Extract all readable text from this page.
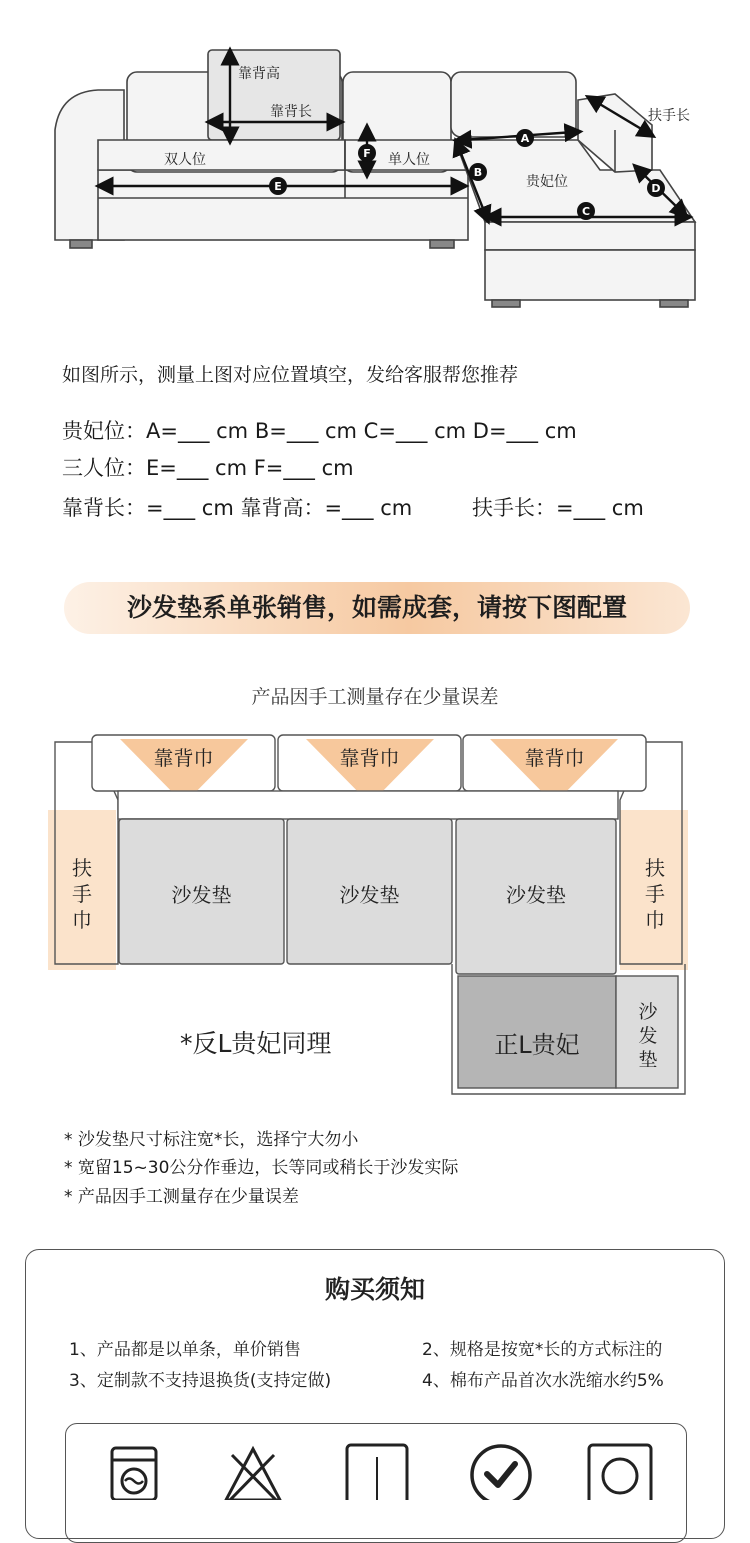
A
B
C
D
E
F
靠背高
靠背长
双人位	单人位
贵妃位
扶手长
如图所示，测量上图对应位置填空，发给客服帮您推荐
贵妃位：A=___ cm B=___ cm C=___ cm D=___ cm
三人位：E=___ cm F=___ cm
靠背长：=___ cm 靠背高：=___ cm	扶手长：=___ cm
沙发垫系单张销售，如需成套，请按下图配置
产品因手工测量存在少量误差
靠背巾	靠背巾	靠背巾
扶手巾
扶手巾
沙发垫	沙发垫	沙发垫
正L贵妃
沙发垫
*反L贵妃同理
* 沙发垫尺寸标注宽*长，选择宁大勿小
* 宽留15~30公分作垂边，长等同或稍长于沙发实际
* 产品因手工测量存在少量误差
购买须知
1、产品都是以单条，单价销售	2、规格是按宽*长的方式标注的
3、定制款不支持退换货(支持定做)	4、棉布产品首次水洗缩水约5%
